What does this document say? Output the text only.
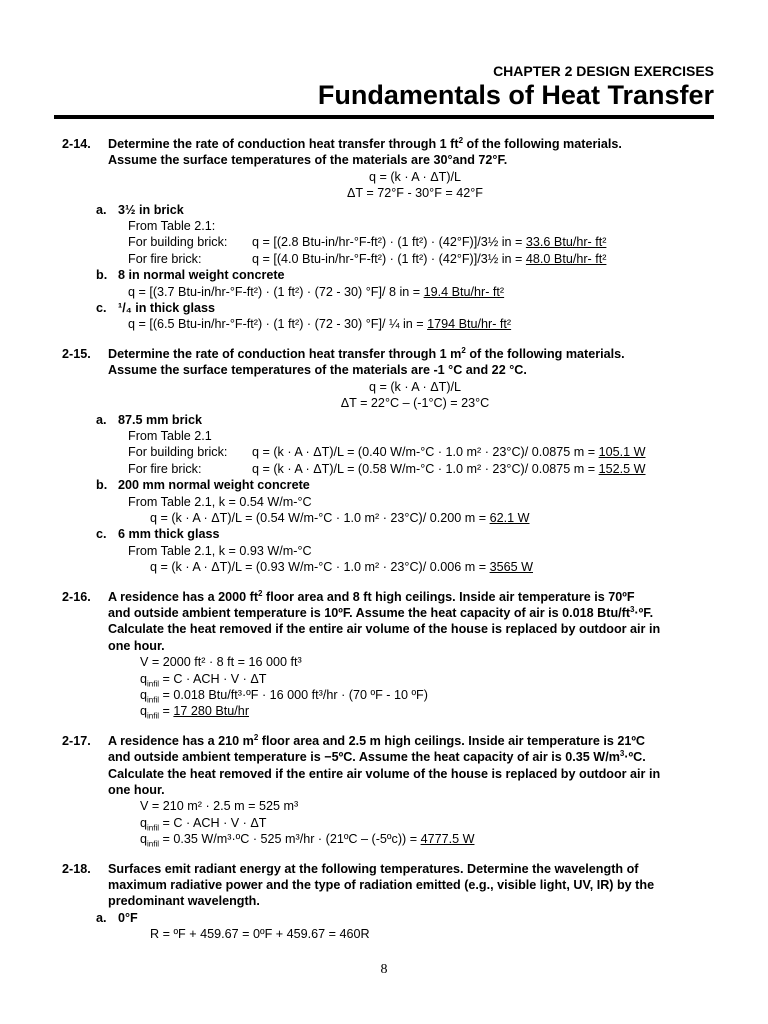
CHAPTER 2 DESIGN EXERCISES
Fundamentals of Heat Transfer
2-14. Determine the rate of conduction heat transfer through 1 $ft^2$ of the following materials.
Assume the surface temperatures of the materials are 30°and 72°F.
q = (k · A · ΔT)/L
ΔT = 72°F - 30°F = 42°F
a. 3½ in brick
From Table 2.1:
For building brick:	q = [(2.8 Btu-in/hr-°F-ft²) · (1 ft²) · (42°F)]/3½ in = 33.6 Btu/hr- ft²
For fire brick:	q = [(4.0 Btu-in/hr-°F-ft²) · (1 ft²) · (42°F)]/3½ in = 48.0 Btu/hr- ft²
b. 8 in normal weight concrete
q = [(3.7 Btu-in/hr-°F-ft²) · (1 ft²) · (72 - 30) °F]/ 8 in = 19.4 Btu/hr- ft²
c. ¹/₄ in thick glass
q = [(6.5 Btu-in/hr-°F-ft²) · (1 ft²) · (72 - 30) °F]/ ¼ in = 1794 Btu/hr- ft²
2-15. Determine the rate of conduction heat transfer through 1 $m^2$ of the following materials.
Assume the surface temperatures of the materials are -1 °C and 22 °C.
q = (k · A · ΔT)/L
ΔT = 22°C – (-1°C) = 23°C
a. 87.5 mm brick
From Table 2.1
For building brick:	q = (k · A · ΔT)/L = (0.40 W/m-°C · 1.0 m² · 23°C)/ 0.0875 m = 105.1 W
For fire brick:	q = (k · A · ΔT)/L = (0.58 W/m-°C · 1.0 m² · 23°C)/ 0.0875 m = 152.5 W
b. 200 mm normal weight concrete
From Table 2.1, k = 0.54 W/m-°C
q = (k · A · ΔT)/L = (0.54 W/m-°C · 1.0 m² · 23°C)/ 0.200 m = 62.1 W
c. 6 mm thick glass
From Table 2.1, k = 0.93 W/m-°C
q = (k · A · ΔT)/L = (0.93 W/m-°C · 1.0 m² · 23°C)/ 0.006 m = 3565 W
2-16. A residence has a 2000 $ft^2$ floor area and 8 ft high ceilings. Inside air temperature is 70ºF
and outside ambient temperature is 10ºF. Assume the heat capacity of air is 0.018 Btu/$ft^3\cdot ºF$.
Calculate the heat removed if the entire air volume of the house is replaced by outdoor air in
one hour.
V = 2000 ft² · 8 ft = 16 000 ft³
$q_{infil} = C$ · ACH · V · ΔT
$q_{infil} = 0.018$ Btu/ft³·ºF · 16 000 ft³/hr · (70 ºF - 10 ºF)
$q_{infil} = 17$ 280 Btu/hr
2-17. A residence has a 210 $m^2$ floor area and 2.5 m high ceilings. Inside air temperature is 21ºC
and outside ambient temperature is −5ºC. Assume the heat capacity of air is 0.35 $W/m^3\cdot ºC$.
Calculate the heat removed if the entire air volume of the house is replaced by outdoor air in
one hour.
V = 210 m² · 2.5 m = 525 m³
$q_{infil} = C$ · ACH · V · ΔT
$q_{infil} = 0.35$ W/m³·ºC · 525 m³/hr · (21ºC – (-5ºc)) = 4777.5 W
2-18. Surfaces emit radiant energy at the following temperatures. Determine the wavelength of
maximum radiative power and the type of radiation emitted (e.g., visible light, UV, IR) by the
predominant wavelength.
a. 0°F
R = ºF + 459.67 = 0ºF + 459.67 = 460R
8
